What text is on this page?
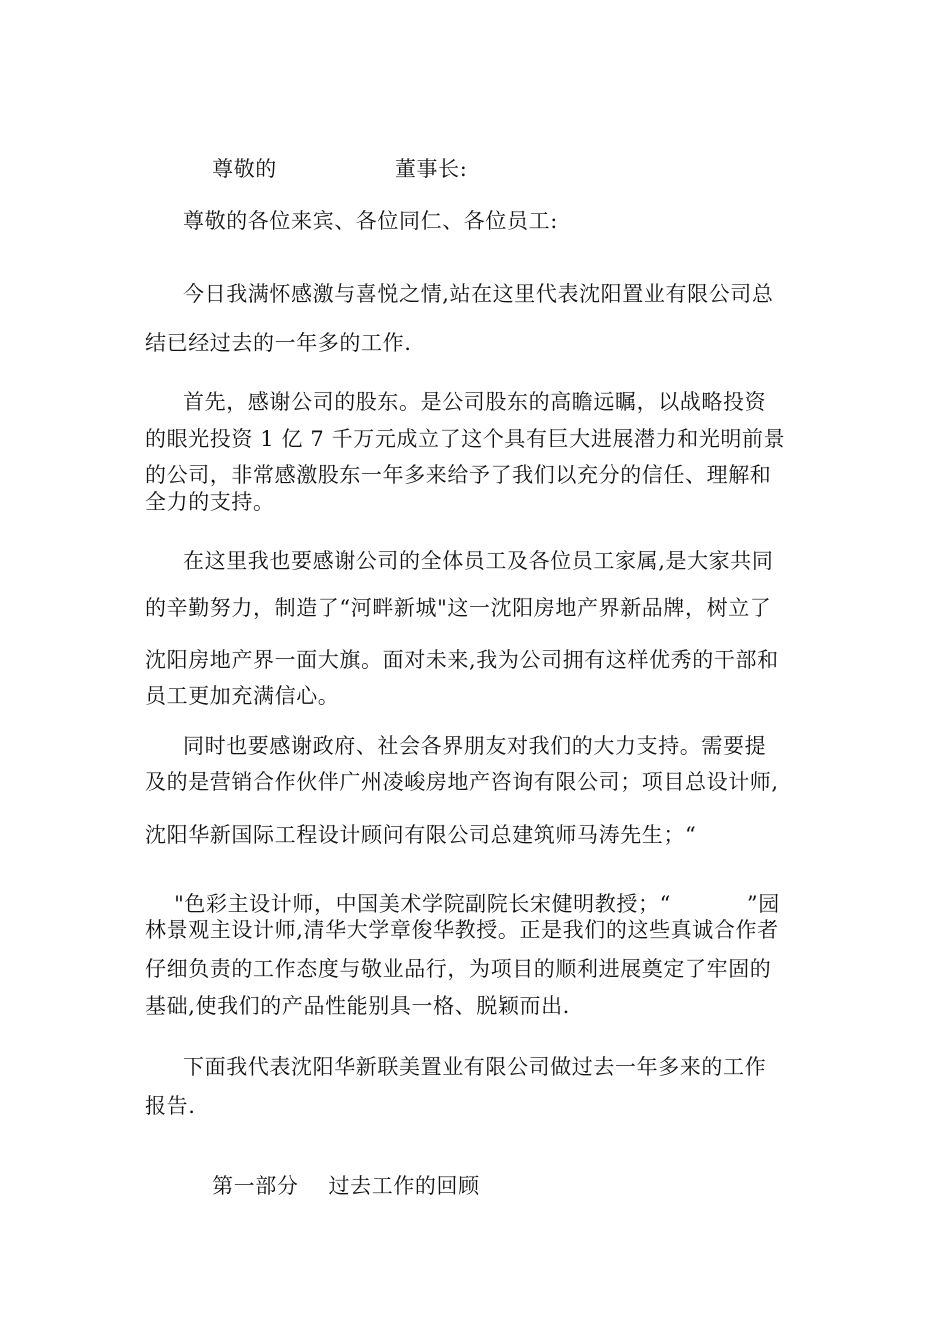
尊敬的	董事长:

尊敬的各位来宾、各位同仁、各位员工:
今日我满怀感激与喜悦之情,站在这里代表沈阳置业有限公司总
结已经过去的一年多的工作.
首先，感谢公司的股东。是公司股东的高瞻远瞩，以战略投资
的眼光投资 1 亿 7 千万元成立了这个具有巨大进展潜力和光明前景
的公司，非常感激股东一年多来给予了我们以充分的信任、理解和
全力的支持。
在这里我也要感谢公司的全体员工及各位员工家属,是大家共同
的辛勤努力，制造了“河畔新城"这一沈阳房地产界新品牌，树立了
沈阳房地产界一面大旗。面对未来,我为公司拥有这样优秀的干部和
员工更加充满信心。
同时也要感谢政府、社会各界朋友对我们的大力支持。需要提
及的是营销合作伙伴广州凌峻房地产咨询有限公司；项目总设计师,
沈阳华新国际工程设计顾问有限公司总建筑师马涛先生；“

"色彩主设计师，中国美术学院副院长宋健明教授；“	”园

林景观主设计师,清华大学章俊华教授。正是我们的这些真诚合作者
仔细负责的工作态度与敬业品行，为项目的顺利进展奠定了牢固的
基础,使我们的产品性能别具一格、脱颖而出.
下面我代表沈阳华新联美置业有限公司做过去一年多来的工作
报告.

第一部分 过去工作的回顾
